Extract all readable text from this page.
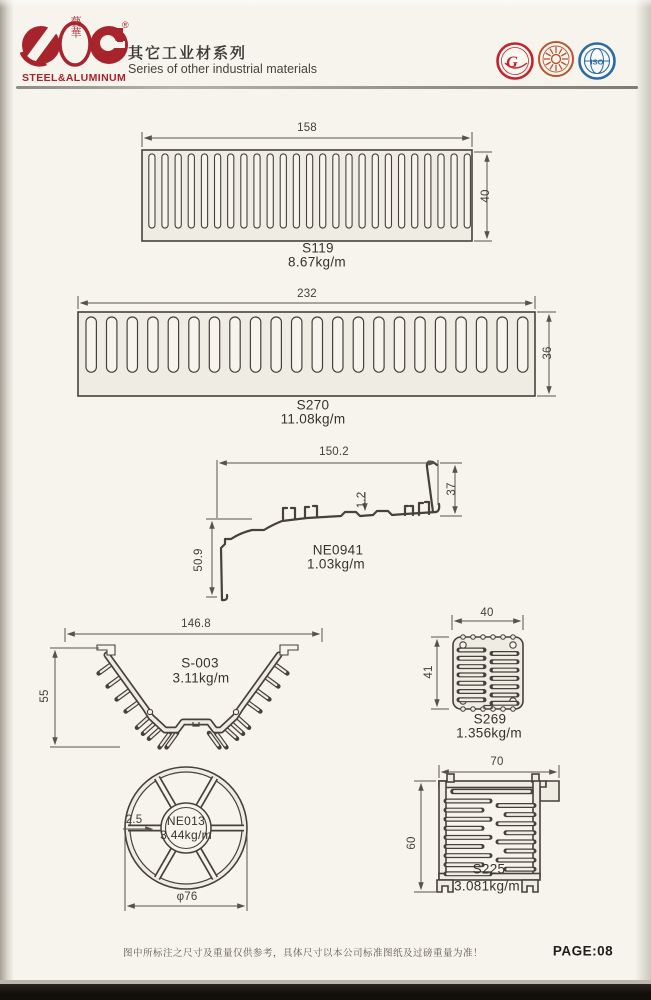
藝華	®
STEEL&ALUMINUM
其它工业材系列
Series of other industrial materials	G	ISO
158
40
S119
8.67kg/m
232
36
S270
11.08kg/m
150.2
37
50.9
1.2
NE0941
1.03kg/m
146.8
55
S-003
3.11kg/m
40
41
S269
1.356kg/m
NE013
3.44kg/m
2.5
φ76
70
60
S225
3.081kg/m
图中所标注之尺寸及重量仅供参考，具体尺寸以本公司标准图纸及过磅重量为准！	PAGE:08
